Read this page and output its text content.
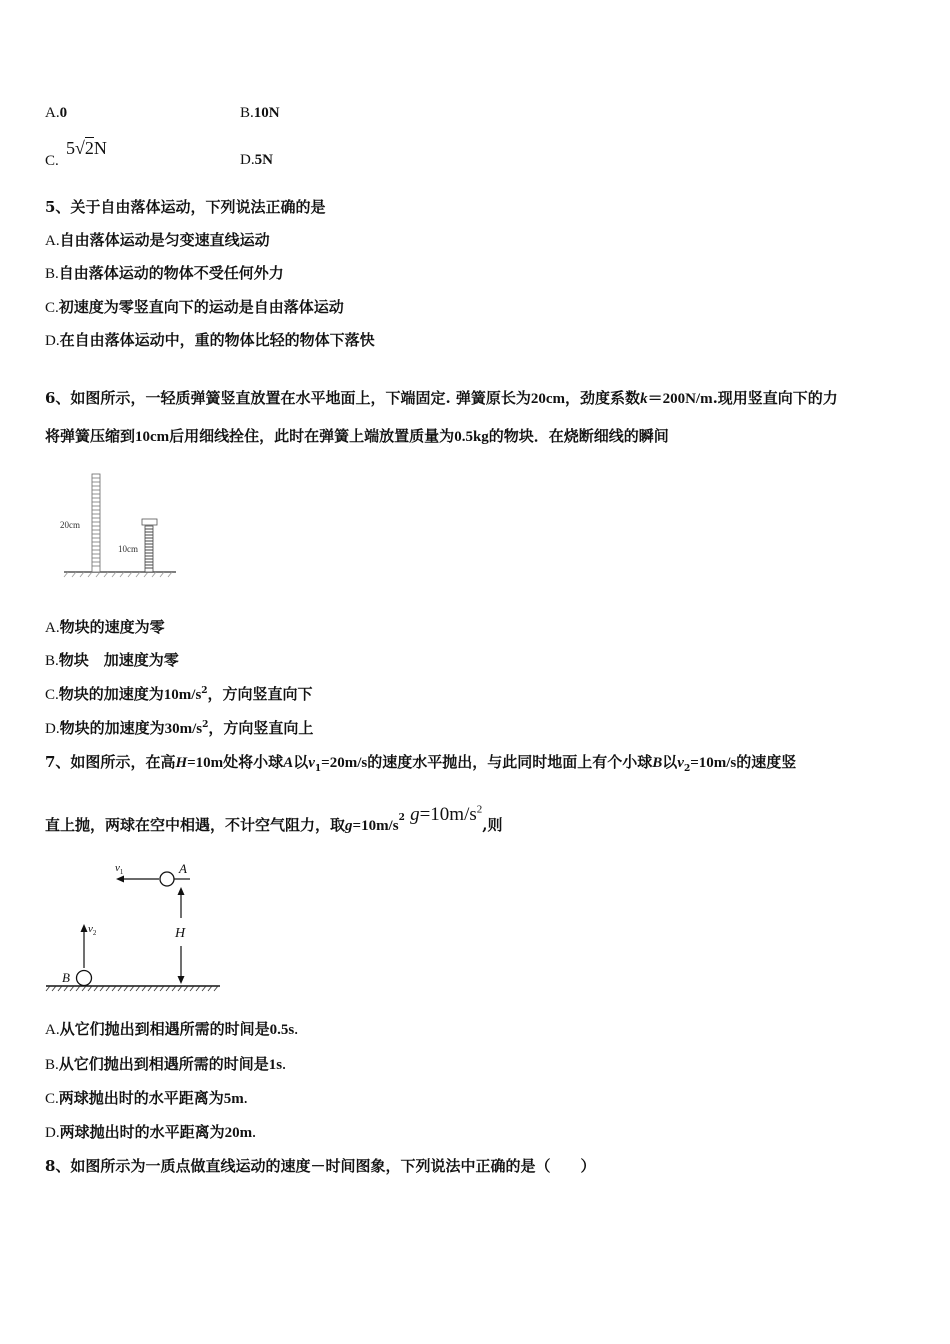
A.0	B.10N
C. 5√2N
D.5N
5、关于自由落体运动，下列说法正确的是
A.自由落体运动是匀变速直线运动
B.自由落体运动的物体不受任何外力
C.初速度为零竖直向下的运动是自由落体运动
D.在自由落体运动中，重的物体比轻的物体下落快
6、如图所示，一轻质弹簧竖直放置在水平地面上，下端固定. 弹簧原长为20cm，劲度系数k＝200N/m.现用竖直向下的力
将弹簧压缩到10cm后用细线拴住，此时在弹簧上端放置质量为0.5kg的物块．在烧断细线的瞬间
20cm
10cm
A.物块的速度为零
B.物块　加速度为零
C.物块的加速度为$10m/s^2$，方向竖直向下
D.物块的加速度为$30m/s^2$，方向竖直向上
7、如图所示，在高H=10m处将小球A以$v_1=20m/s$的速度水平抛出，与此同时地面上有个小球B以$v_2=10m/s$的速度竖
直上抛，两球在空中相遇，不计空气阻力，取$g=10m/s^2$ $g=10m/s^2$,则
A
$v_1$
H
B
$v_2$
A.从它们抛出到相遇所需的时间是0.5s.
B.从它们抛出到相遇所需的时间是1s.
C.两球抛出时的水平距离为5m.
D.两球抛出时的水平距离为20m.
8、如图所示为一质点做直线运动的速度－时间图象，下列说法中正确的是（　　）
